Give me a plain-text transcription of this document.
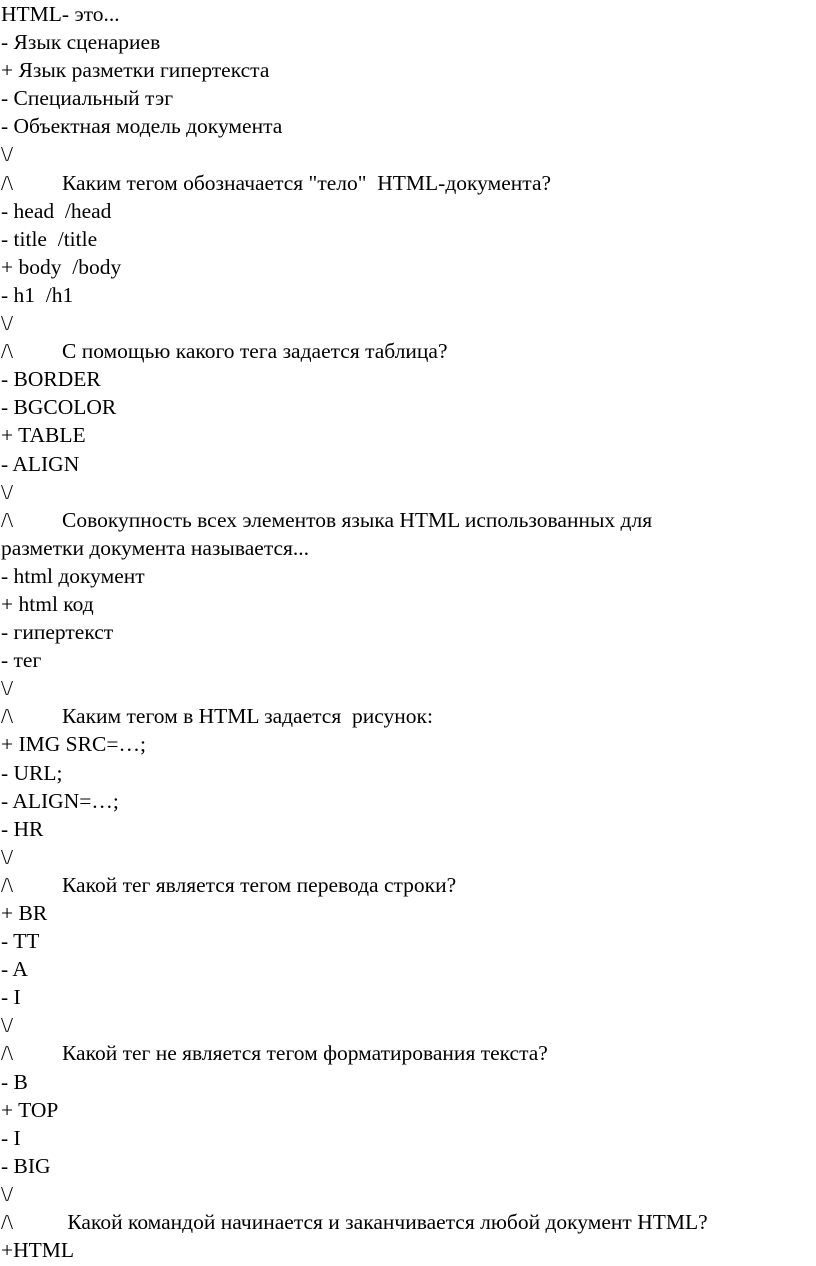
HTML- это...
- Язык сценариев
+ Язык разметки гипертекста
- Специальный тэг
- Объектная модель документа
\/
/\ Каким тегом обозначается "тело"  HTML-документа?
- head  /head
- title  /title
+ body  /body
- h1  /h1
\/
/\ С помощью какого тега задается таблица?
- BORDER
- BGCOLOR
+ TABLE
- ALIGN
\/
/\ Совокупность всех элементов языка HTML использованных для
разметки документа называется...
- html документ
+ html код
- гипертекст
- тег
\/
/\ Каким тегом в HTML задается  рисунок:
+ IMG SRC=…;
- URL;
- ALIGN=…;
- HR
\/
/\ Какой тег является тегом перевода строки?
+ BR
- TT
- A
- I
\/
/\ Какой тег не является тегом форматирования текста?
- B
+ TOP
- I
- BIG
\/
/\ Какой командой начинается и заканчивается любой документ HTML?
+HTML
